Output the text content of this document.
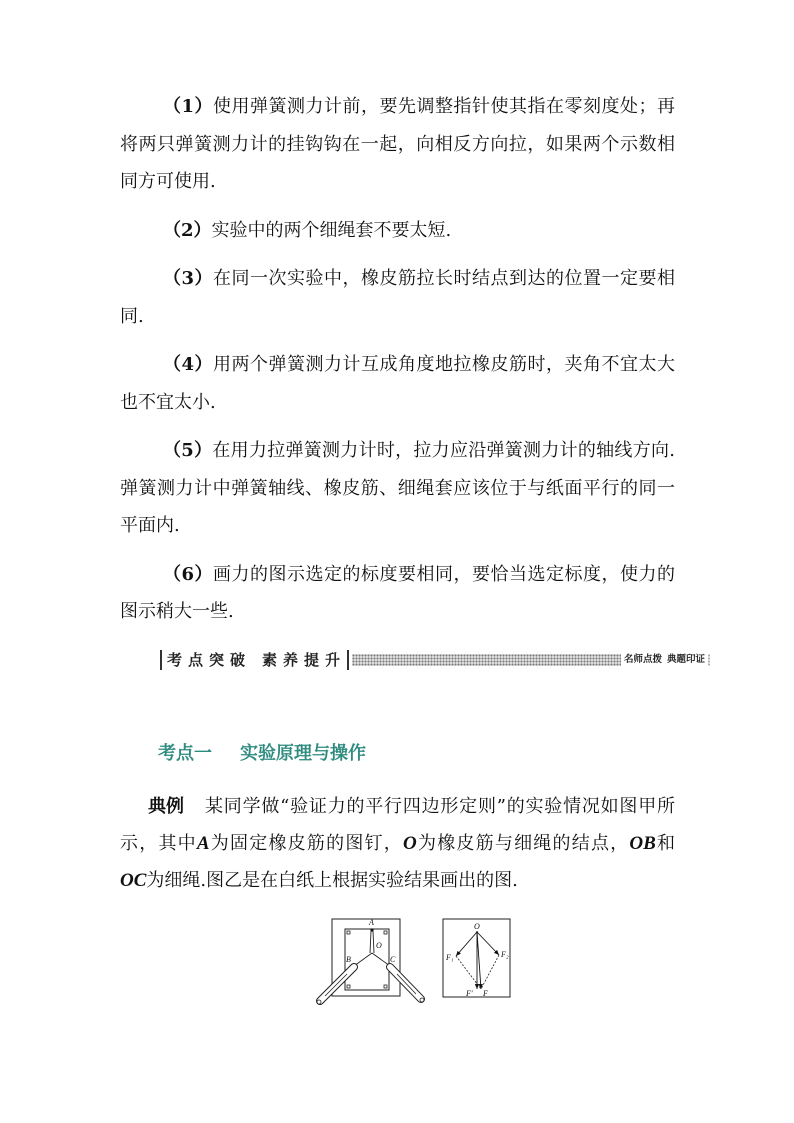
（1）使用弹簧测力计前，要先调整指针使其指在零刻度处；再
将两只弹簧测力计的挂钩钩在一起，向相反方向拉，如果两个示数相
同方可使用.
（2）实验中的两个细绳套不要太短.
（3）在同一次实验中，橡皮筋拉长时结点到达的位置一定要相
同.
（4）用两个弹簧测力计互成角度地拉橡皮筋时，夹角不宜太大
也不宜太小.
（5）在用力拉弹簧测力计时，拉力应沿弹簧测力计的轴线方向.
弹簧测力计中弹簧轴线、橡皮筋、细绳套应该位于与纸面平行的同一
平面内.
（6）画力的图示选定的标度要相同，要恰当选定标度，使力的
图示稍大一些.
考点突破 素养提升	名师点拨 典题印证
考点一 实验原理与操作
典例 某同学做“验证力的平行四边形定则”的实验情况如图甲所
示，其中A为固定橡皮筋的图钉，O为橡皮筋与细绳的结点，OB和
OC为细绳.图乙是在白纸上根据实验结果画出的图.
A
O
B	C
O
F₁	F₂
F′ F
